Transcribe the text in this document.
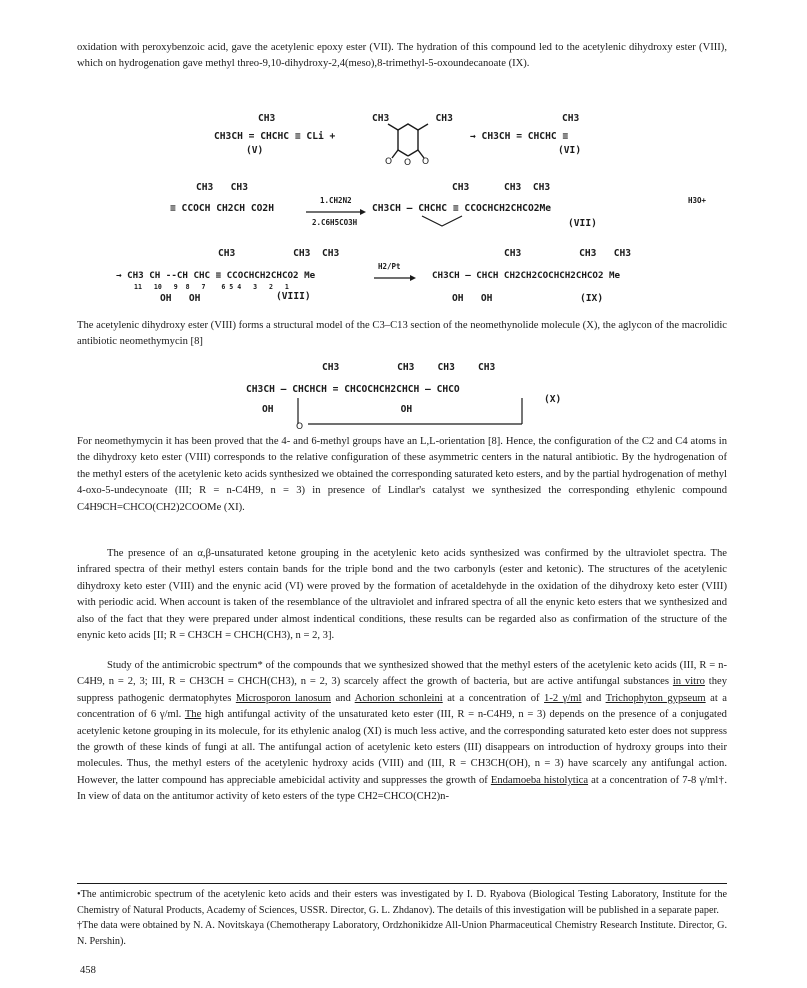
oxidation with peroxybenzoic acid, gave the acetylenic epoxy ester (VII). The hydration of this compound led to the acetylenic dihydroxy ester (VIII), which on hydrogenation gave methyl threo-9,10-dihydroxy-2,4(meso),8-trimethyl-5-oxoundecanoate (IX).
CH3
CH3CH = CHCHC ≡ CLi +
(V)
CH3        CH3
O O O
CH3
→ CH3CH = CHCHC ≡
(VI)
CH3   CH3
≡ CCOCH CH2CH CO2H
1.CH2N2
2.C6H5CO3H
CH3      CH3  CH3
CH3CH — CHCHC ≡ CCOCHCH2CHCO2Me
(VII)
H3O+
CH3          CH3  CH3
→ CH3 CH --CH CHC ≡ CCOCHCH2CHCO2 Me
11   10   9  8   7    6 5 4   3   2   1
OH   OH	(VIII)
H2/Pt
CH3          CH3   CH3
CH3CH — CHCH CH2CH2COCHCH2CHCO2 Me
OH   OH	(IX)
The acetylenic dihydroxy ester (VIII) forms a structural model of the C3–C13 section of the neomethynolide molecule (X), the aglycon of the macrolidic antibiotic neomethymycin [8]
CH3          CH3    CH3    CH3
CH3CH — CHCHCH = CHCOCHCH2CHCH — CHCO
OH                      OH
O
(X)
For neomethymycin it has been proved that the 4- and 6-methyl groups have an L,L-orientation [8]. Hence, the configuration of the C2 and C4 atoms in the dihydroxy keto ester (VIII) corresponds to the relative configuration of these asymmetric centers in the natural antibiotic. By the hydrogenation of the methyl esters of the acetylenic keto acids synthesized we obtained the corresponding saturated keto esters, and by the partial hydrogenation of methyl 4-oxo-5-undecynoate (III; R = n-C4H9, n = 3) in presence of Lindlar's catalyst we synthesized the corresponding ethylenic compound C4H9CH=CHCO(CH2)2COOMe (XI).
The presence of an α,β-unsaturated ketone grouping in the acetylenic keto acids synthesized was confirmed by the ultraviolet spectra. The infrared spectra of their methyl esters contain bands for the triple bond and the two carbonyls (ester and ketonic). The structures of the acetylenic dihydroxy keto ester (VIII) and the enynic acid (VI) were proved by the formation of acetaldehyde in the oxidation of the dihydroxy keto ester (VIII) with periodic acid. When account is taken of the resemblance of the ultraviolet and infrared spectra of all the enynic keto esters that we synthesized and also of the fact that they were prepared under almost indentical conditions, these results can be regarded also as confirmation of the structure of the enynic keto acids [II; R = CH3CH = CHCH(CH3), n = 2, 3].
Study of the antimicrobic spectrum* of the compounds that we synthesized showed that the methyl esters of the acetylenic keto acids (III, R = n-C4H9, n = 2, 3; III, R = CH3CH = CHCH(CH3), n = 2, 3) scarcely affect the growth of bacteria, but are active antifungal substances in vitro they suppress pathogenic dermatophytes Microsporon lanosum and Achorion schonleini at a concentration of 1-2 γ/ml and Trichophyton gypseum at a concentration of 6 γ/ml. The high antifungal activity of the unsaturated keto ester (III, R = n-C4H9, n = 3) depends on the presence of a conjugated acetylenic ketone grouping in its molecule, for its ethylenic analog (XI) is much less active, and the corresponding saturated keto ester does not suppress the growth of these kinds of fungi at all. The antifungal action of acetylenic keto esters (III) disappears on introduction of hydroxy groups into their molecules. Thus, the methyl esters of the acetylenic hydroxy acids (VIII) and (III, R = CH3CH(OH), n = 3) have scarcely any antifungal action. However, the latter compound has appreciable amebicidal activity and suppresses the growth of Endamoeba histolytica at a concentration of 7-8 γ/ml†. In view of data on the antitumor activity of keto esters of the type CH2=CHCO(CH2)n-
•The antimicrobic spectrum of the acetylenic keto acids and their esters was investigated by I. D. Ryabova (Biological Testing Laboratory, Institute for the Chemistry of Natural Products, Academy of Sciences, USSR. Director, G. L. Zhdanov). The details of this investigation will be published in a separate paper.
†The data were obtained by N. A. Novitskaya (Chemotherapy Laboratory, Ordzhonikidze All-Union Pharmaceutical Chemistry Research Institute. Director, G. N. Pershin).
458
